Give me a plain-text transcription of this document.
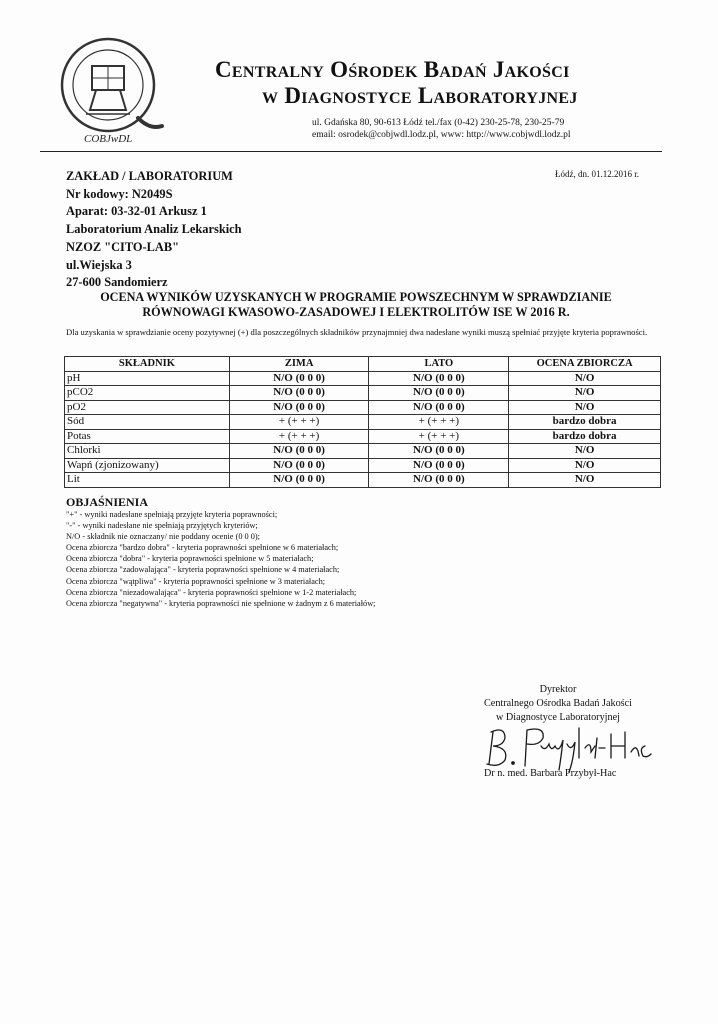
COBJwDL
Centralny Ośrodek Badań Jakości
w Diagnostyce Laboratoryjnej
ul. Gdańska 80, 90-613 Łódź tel./fax (0-42) 230-25-78, 230-25-79
email: osrodek@cobjwdl.lodz.pl, www: http://www.cobjwdl.lodz.pl
Łódź, dn. 01.12.2016 r.
ZAKŁAD / LABORATORIUM
Nr kodowy: N2049S
Aparat: 03-32-01 Arkusz 1
Laboratorium Analiz Lekarskich
NZOZ "CITO-LAB"
ul.Wiejska 3
27-600 Sandomierz
OCENA WYNIKÓW UZYSKANYCH W PROGRAMIE POWSZECHNYM W SPRAWDZIANIE
RÓWNOWAGI KWASOWO-ZASADOWEJ I ELEKTROLITÓW ISE W 2016 R.
Dla uzyskania w sprawdzianie oceny pozytywnej (+) dla poszczególnych składników przynajmniej dwa nadesłane wyniki muszą spełniać przyjęte kryteria poprawności.
SKŁADNIK	ZIMA	LATO	OCENA ZBIORCZA
pH	N/O (0 0 0)	N/O (0 0 0)	N/O
pCO2	N/O (0 0 0)	N/O (0 0 0)	N/O
pO2	N/O (0 0 0)	N/O (0 0 0)	N/O
Sód	+ (+ + +)	+ (+ + +)	bardzo dobra
Potas	+ (+ + +)	+ (+ + +)	bardzo dobra
Chlorki	N/O (0 0 0)	N/O (0 0 0)	N/O
Wapń (zjonizowany)	N/O (0 0 0)	N/O (0 0 0)	N/O
Lit	N/O (0 0 0)	N/O (0 0 0)	N/O
OBJAŚNIENIA
"+" - wyniki nadesłane spełniają przyjęte kryteria poprawności;
"-" - wyniki nadesłane nie spełniają przyjętych kryteriów;
N/O - składnik nie oznaczany/ nie poddany ocenie (0 0 0);
Ocena zbiorcza "bardzo dobra" - kryteria poprawności spełnione w 6 materiałach;
Ocena zbiorcza "dobra" - kryteria poprawności spełnione w 5 materiałach;
Ocena zbiorcza "zadowalająca" - kryteria poprawności spełnione w 4 materiałach;
Ocena zbiorcza "wątpliwa" - kryteria poprawności spełnione w 3 materiałach;
Ocena zbiorcza "niezadowalająca" - kryteria poprawności spełnione w 1-2 materiałach;
Ocena zbiorcza "negatywna" - kryteria poprawności nie spełnione w żadnym z 6 materiałów;
Dyrektor
Centralnego Ośrodka Badań Jakości
w Diagnostyce Laboratoryjnej
Dr n. med. Barbara Przybył-Hac
